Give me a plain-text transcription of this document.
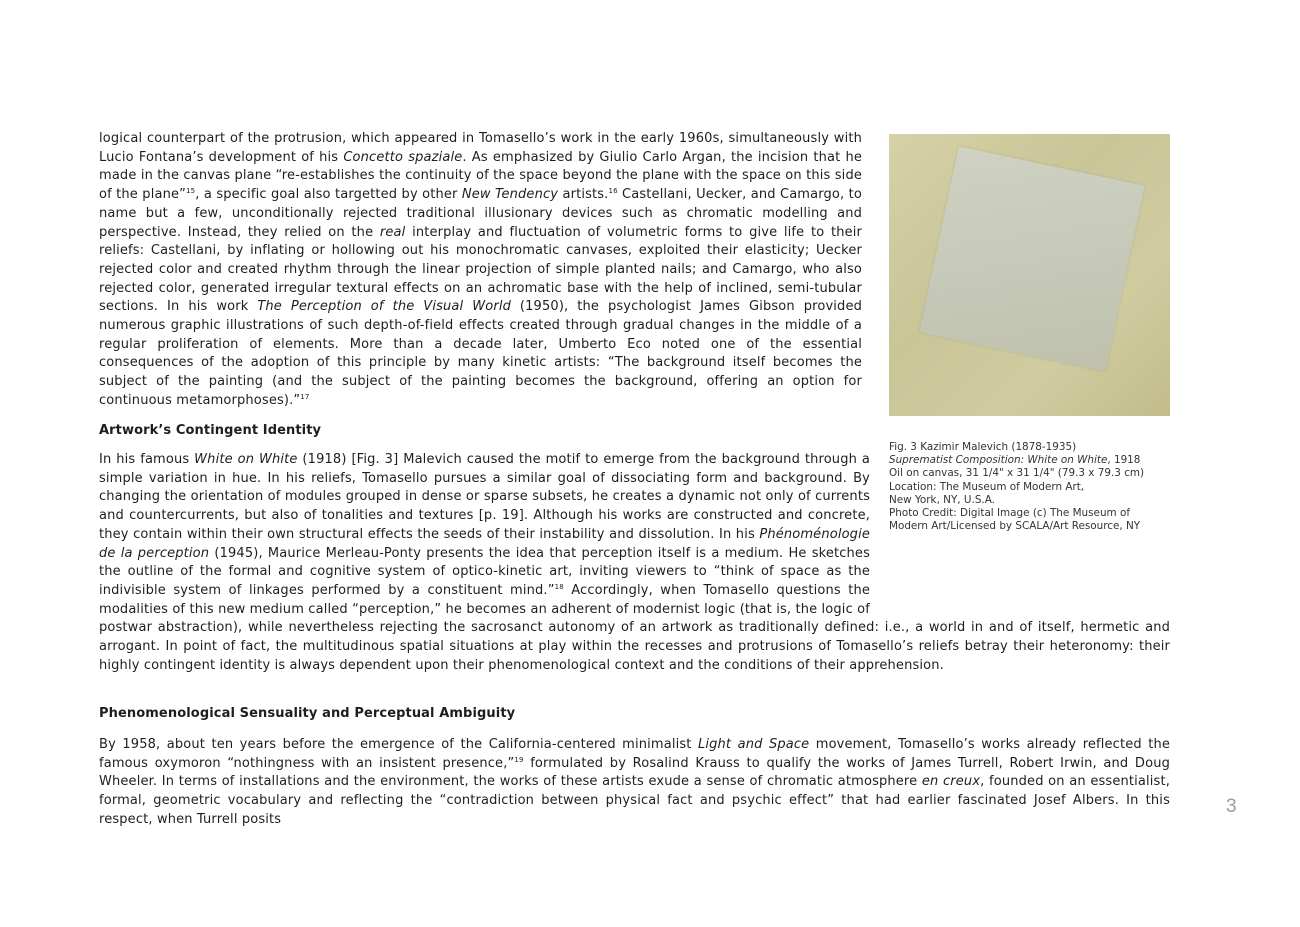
logical counterpart of the protrusion, which appeared in Tomasello’s work in the early 1960s, simultaneously with Lucio Fontana’s development of his Concetto spaziale. As emphasized by Giulio Carlo Argan, the incision that he made in the canvas plane “re-establishes the continuity of the space beyond the plane with the space on this side of the plane”$^{15}$, a specific goal also targetted by other New Tendency artists.$^{16}$ Castellani, Uecker, and Camargo, to name but a few, unconditionally rejected traditional illusionary devices such as chromatic modelling and perspective. Instead, they relied on the real interplay and fluctuation of volumetric forms to give life to their reliefs: Castellani, by inflating or hollowing out his monochromatic canvases, exploited their elasticity; Uecker rejected color and created rhythm through the linear projection of simple planted nails; and Camargo, who also rejected color, generated irregular textural effects on an achromatic base with the help of inclined, semi-tubular sections. In his work The Perception of the Visual World (1950), the psychologist James Gibson provided numerous graphic illustrations of such depth-of-field effects created through gradual changes in the middle of a regular proliferation of elements. More than a decade later, Umberto Eco noted one of the essential consequences of the adoption of this principle by many kinetic artists: “The background itself becomes the subject of the painting (and the subject of the painting becomes the background, offering an option for continuous metamorphoses).”$^{17}$

Artwork’s Contingent Identity
Fig. 3 Kazimir Malevich (1878-1935)
Suprematist Composition: White on White, 1918
Oil on canvas, 31 1/4" x 31 1/4" (79.3 x 79.3 cm)
Location: The Museum of Modern Art,
New York, NY, U.S.A.
Photo Credit: Digital Image (c) The Museum of
Modern Art/Licensed by SCALA/Art Resource, NY

In his famous White on White (1918) [Fig. 3] Malevich caused the motif to emerge from the background through a simple variation in hue. In his reliefs, Tomasello pursues a similar goal of dissociating form and background. By changing the orientation of modules grouped in dense or sparse subsets, he creates a dynamic not only of currents and countercurrents, but also of tonalities and textures [p. 19]. Although his works are constructed and concrete, they contain within their own structural effects the seeds of their instability and dissolution. In his Phénoménologie de la perception (1945), Maurice Merleau-Ponty presents the idea that perception itself is a medium. He sketches the outline of the formal and cognitive system of optico-kinetic art, inviting viewers to “think of space as the indivisible system of linkages performed by a constituent mind.”$^{18}$ Accordingly, when Tomasello questions the modalities of this new medium called “perception,” he becomes an adherent of modernist logic (that is, the logic of postwar abstraction), while nevertheless rejecting the sacrosanct autonomy of an artwork as traditionally defined: i.e., a world in and of itself, hermetic and arrogant. In point of fact, the multitudinous spatial situations at play within the recesses and protrusions of Tomasello’s reliefs betray their heteronomy: their highly contingent identity is always dependent upon their phenomenological context and the conditions of their apprehension.

Phenomenological Sensuality and Perceptual Ambiguity

By 1958, about ten years before the emergence of the California-centered minimalist Light and Space movement, Tomasello’s works already reflected the famous oxymoron “nothingness with an insistent presence,”$^{19}$ formulated by Rosalind Krauss to qualify the works of James Turrell, Robert Irwin, and Doug Wheeler. In terms of installations and the environment, the works of these artists exude a sense of chromatic atmosphere en creux, founded on an essentialist, formal, geometric vocabulary and reflecting the “contradiction between physical fact and psychic effect” that had earlier fascinated Josef Albers. In this respect, when Turrell posits

3
